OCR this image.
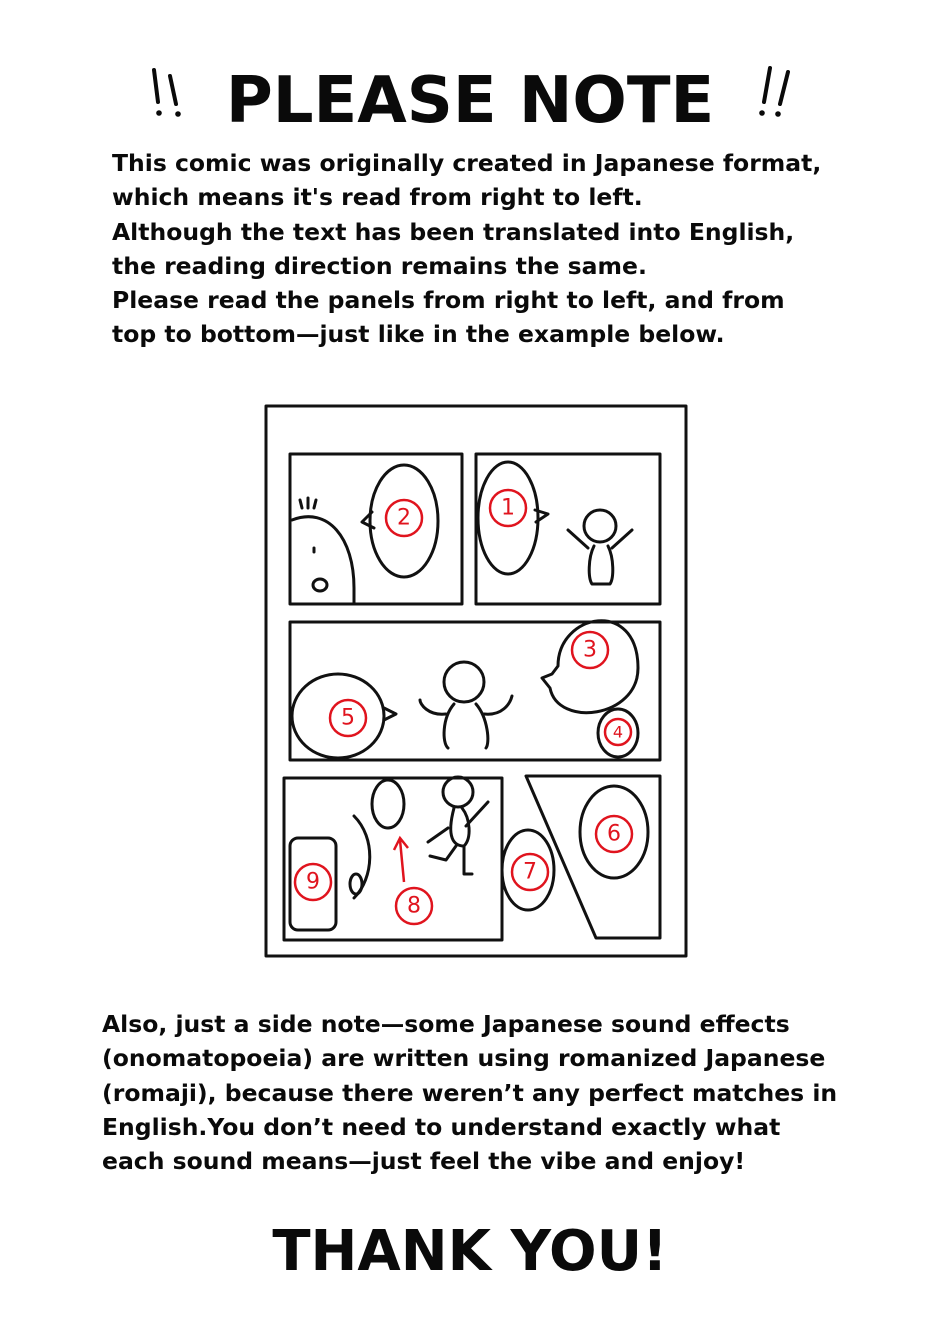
PLEASE NOTE

This comic was originally created in Japanese format,

which means it's read from right to left.

Although the text has been translated into English,

the reading direction remains the same.

Please read the panels from right to left, and from

top to bottom—just like in the example below.

2	1
3
4
5
6
7
8
9

Also, just a side note—some Japanese sound effects

(onomatopoeia) are written using romanized Japanese

(romaji), because there weren’t any perfect matches in

English.You don’t need to understand exactly what

each sound means—just feel the vibe and enjoy!

THANK YOU!
